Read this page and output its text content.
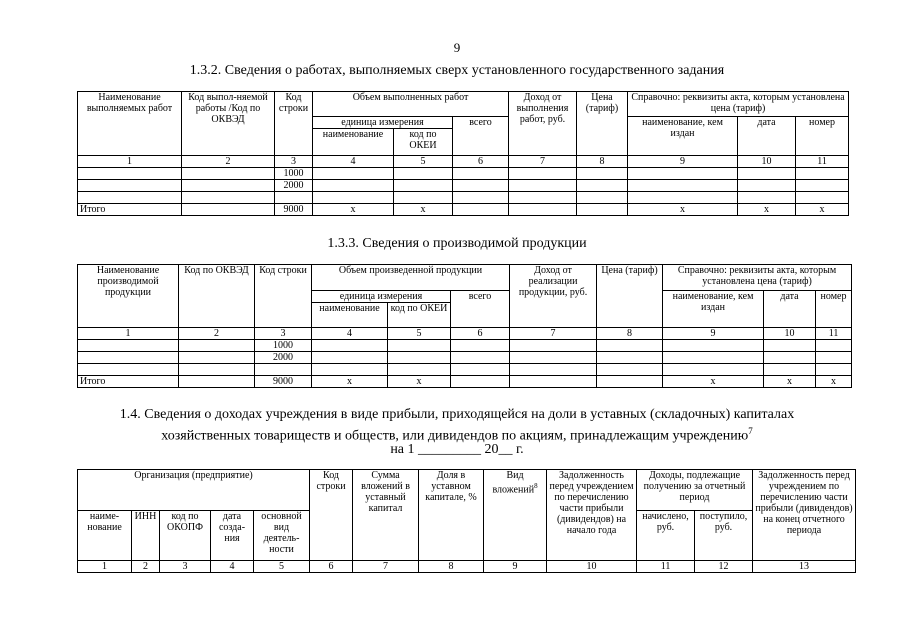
9
1.3.2. Сведения о работах, выполняемых сверх установленного государственного задания
Наименование выполняемых работ	Код выпол-няемой работы /Код по ОКВЭД	Код строки	Объем выполненных работ			Доход от выполнения работ, руб.	Цена (тариф)	Справочно: реквизиты акта, которым установлена цена (тариф)		
			единица измерения		всего			наименование, кем издан	дата	номер
			наименование	код по ОКЕИ						
1	2	3	4	5	6	7	8	9	10	11
		1000								
		2000								

Итого		9000	x	x				x	x	x
1.3.3. Сведения о производимой продукции
Наименование производимой продукции	Код по ОКВЭД	Код строки	Объем произведенной продукции			Доход от реализации продукции, руб.	Цена (тариф)	Справочно: реквизиты акта, которым установлена цена (тариф)		
			единица измерения		всего			наименование, кем издан	дата	номер
			наименование	код по ОКЕИ						
1	2	3	4	5	6	7	8	9	10	11
		1000								
		2000								

Итого		9000	x	x				x	x	x
1.4. Сведения о доходах учреждения в виде прибыли, приходящейся на доли в уставных (складочных) капиталах
хозяйственных товариществ и обществ, или дивидендов по акциям, принадлежащим учреждению$^7$
на 1 _________ 20__ г.
Организация (предприятие)					Код строки	Сумма вложений в уставный капитал	Доля в уставном капитале, %	Вид вложений$^8$	Задолженность перед учреждением по перечислению части прибыли (дивидендов) на начало года	Доходы, подлежащие получению за отчетный период		Задолженность перед учреждением по перечислению части прибыли (дивидендов) на конец отчетного периода
наиме-нование	ИНН	код по ОКОПФ	дата созда-ния	основной вид деятель-ности						начислено, руб.	поступило, руб.	
1	2	3	4	5	6	7	8	9	10	11	12	13
